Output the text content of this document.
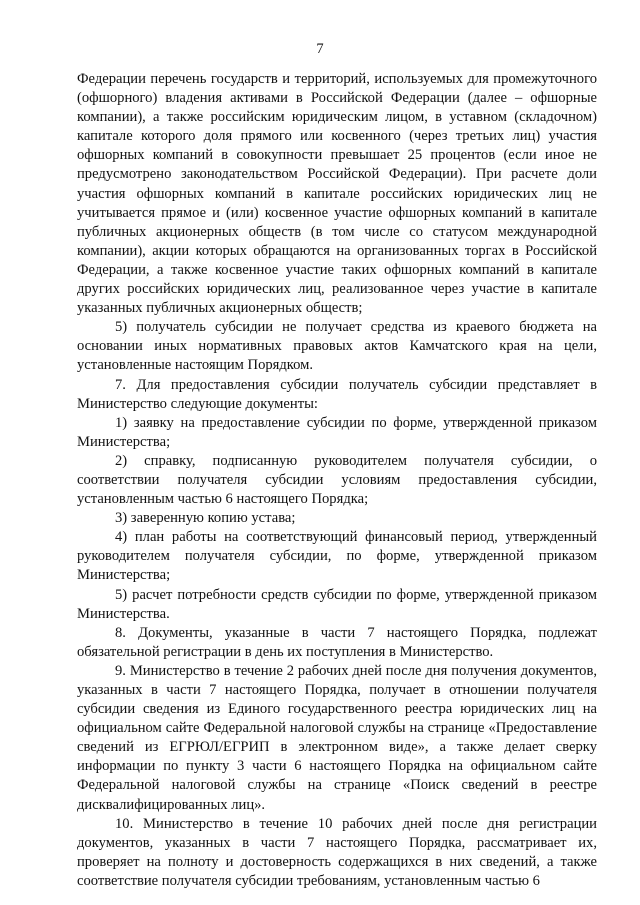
7

Федерации перечень государств и территорий, используемых для промежуточного (офшорного) владения активами в Российской Федерации (далее – офшорные компании), а также российским юридическим лицом, в уставном (складочном) капитале которого доля прямого или косвенного (через третьих лиц) участия офшорных компаний в совокупности превышает 25 процентов (если иное не предусмотрено законодательством Российской Федерации). При расчете доли участия офшорных компаний в капитале российских юридических лиц не учитывается прямое и (или) косвенное участие офшорных компаний в капитале публичных акционерных обществ (в том числе со статусом международной компании), акции которых обращаются на организованных торгах в Российской Федерации, а также косвенное участие таких офшорных компаний в капитале других российских юридических лиц, реализованное через участие в капитале указанных публичных акционерных обществ;

5) получатель субсидии не получает средства из краевого бюджета на основании иных нормативных правовых актов Камчатского края на цели, установленные настоящим Порядком.

7. Для предоставления субсидии получатель субсидии представляет в Министерство следующие документы:

1) заявку на предоставление субсидии по форме, утвержденной приказом Министерства;

2) справку, подписанную руководителем получателя субсидии, о соответствии получателя субсидии условиям предоставления субсидии, установленным частью 6 настоящего Порядка;

3) заверенную копию устава;

4) план работы на соответствующий финансовый период, утвержденный руководителем получателя субсидии, по форме, утвержденной приказом Министерства;

5) расчет потребности средств субсидии по форме, утвержденной приказом Министерства.

8. Документы, указанные в части 7 настоящего Порядка, подлежат обязательной регистрации в день их поступления в Министерство.

9. Министерство в течение 2 рабочих дней после дня получения документов, указанных в части 7 настоящего Порядка, получает в отношении получателя субсидии сведения из Единого государственного реестра юридических лиц на официальном сайте Федеральной налоговой службы на странице «Предоставление сведений из ЕГРЮЛ/ЕГРИП в электронном виде», а также делает сверку информации по пункту 3 части 6 настоящего Порядка на официальном сайте Федеральной налоговой службы на странице «Поиск сведений в реестре дисквалифицированных лиц».

10. Министерство в течение 10 рабочих дней после дня регистрации документов, указанных в части 7 настоящего Порядка, рассматривает их, проверяет на полноту и достоверность содержащихся в них сведений, а также соответствие получателя субсидии требованиям, установленным частью 6
